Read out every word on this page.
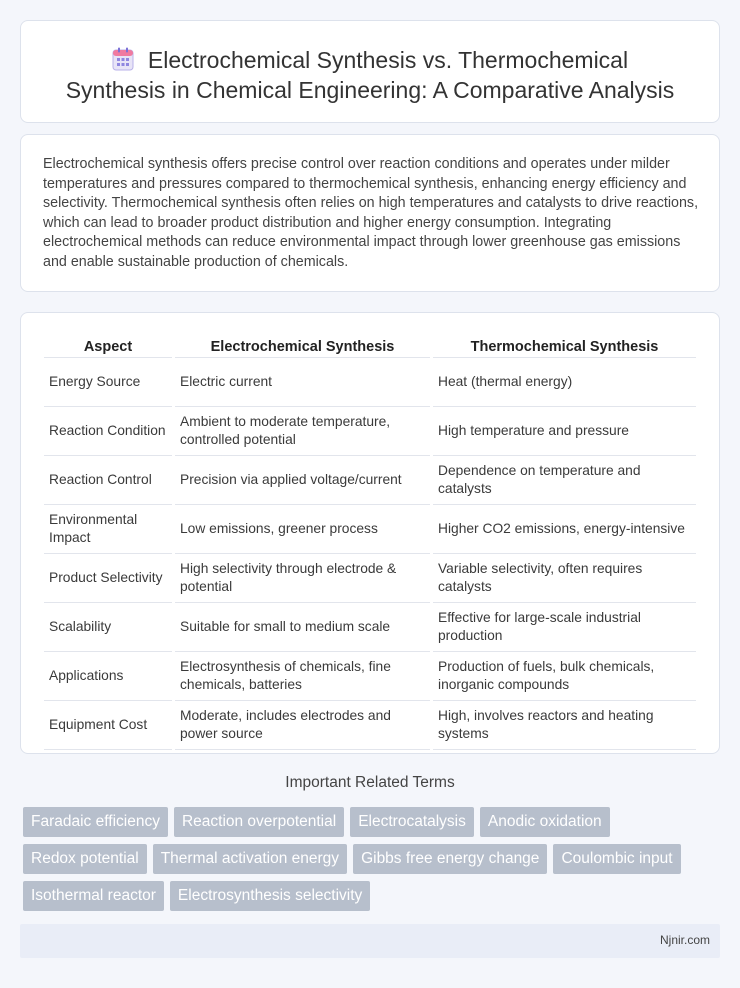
Electrochemical Synthesis vs. Thermochemical
Synthesis in Chemical Engineering: A Comparative Analysis

Electrochemical synthesis offers precise control over reaction conditions and operates under milder temperatures and pressures compared to thermochemical synthesis, enhancing energy efficiency and selectivity. Thermochemical synthesis often relies on high temperatures and catalysts to drive reactions, which can lead to broader product distribution and higher energy consumption. Integrating electrochemical methods can reduce environmental impact through lower greenhouse gas emissions and enable sustainable production of chemicals.

Aspect	Electrochemical Synthesis	Thermochemical Synthesis
Energy Source	Electric current	Heat (thermal energy)
Reaction Condition	Ambient to moderate temperature, controlled potential	High temperature and pressure
Reaction Control	Precision via applied voltage/current	Dependence on temperature and catalysts
Environmental Impact	Low emissions, greener process	Higher CO2 emissions, energy-intensive
Product Selectivity	High selectivity through electrode & potential	Variable selectivity, often requires catalysts
Scalability	Suitable for small to medium scale	Effective for large-scale industrial production
Applications	Electrosynthesis of chemicals, fine chemicals, batteries	Production of fuels, bulk chemicals, inorganic compounds
Equipment Cost	Moderate, includes electrodes and power source	High, involves reactors and heating systems
Important Related Terms
Faradaic efficiency	Reaction overpotential	Electrocatalysis	Anodic oxidation
Redox potential	Thermal activation energy	Gibbs free energy change	Coulombic input
Isothermal reactor	Electrosynthesis selectivity
Njnir.com
